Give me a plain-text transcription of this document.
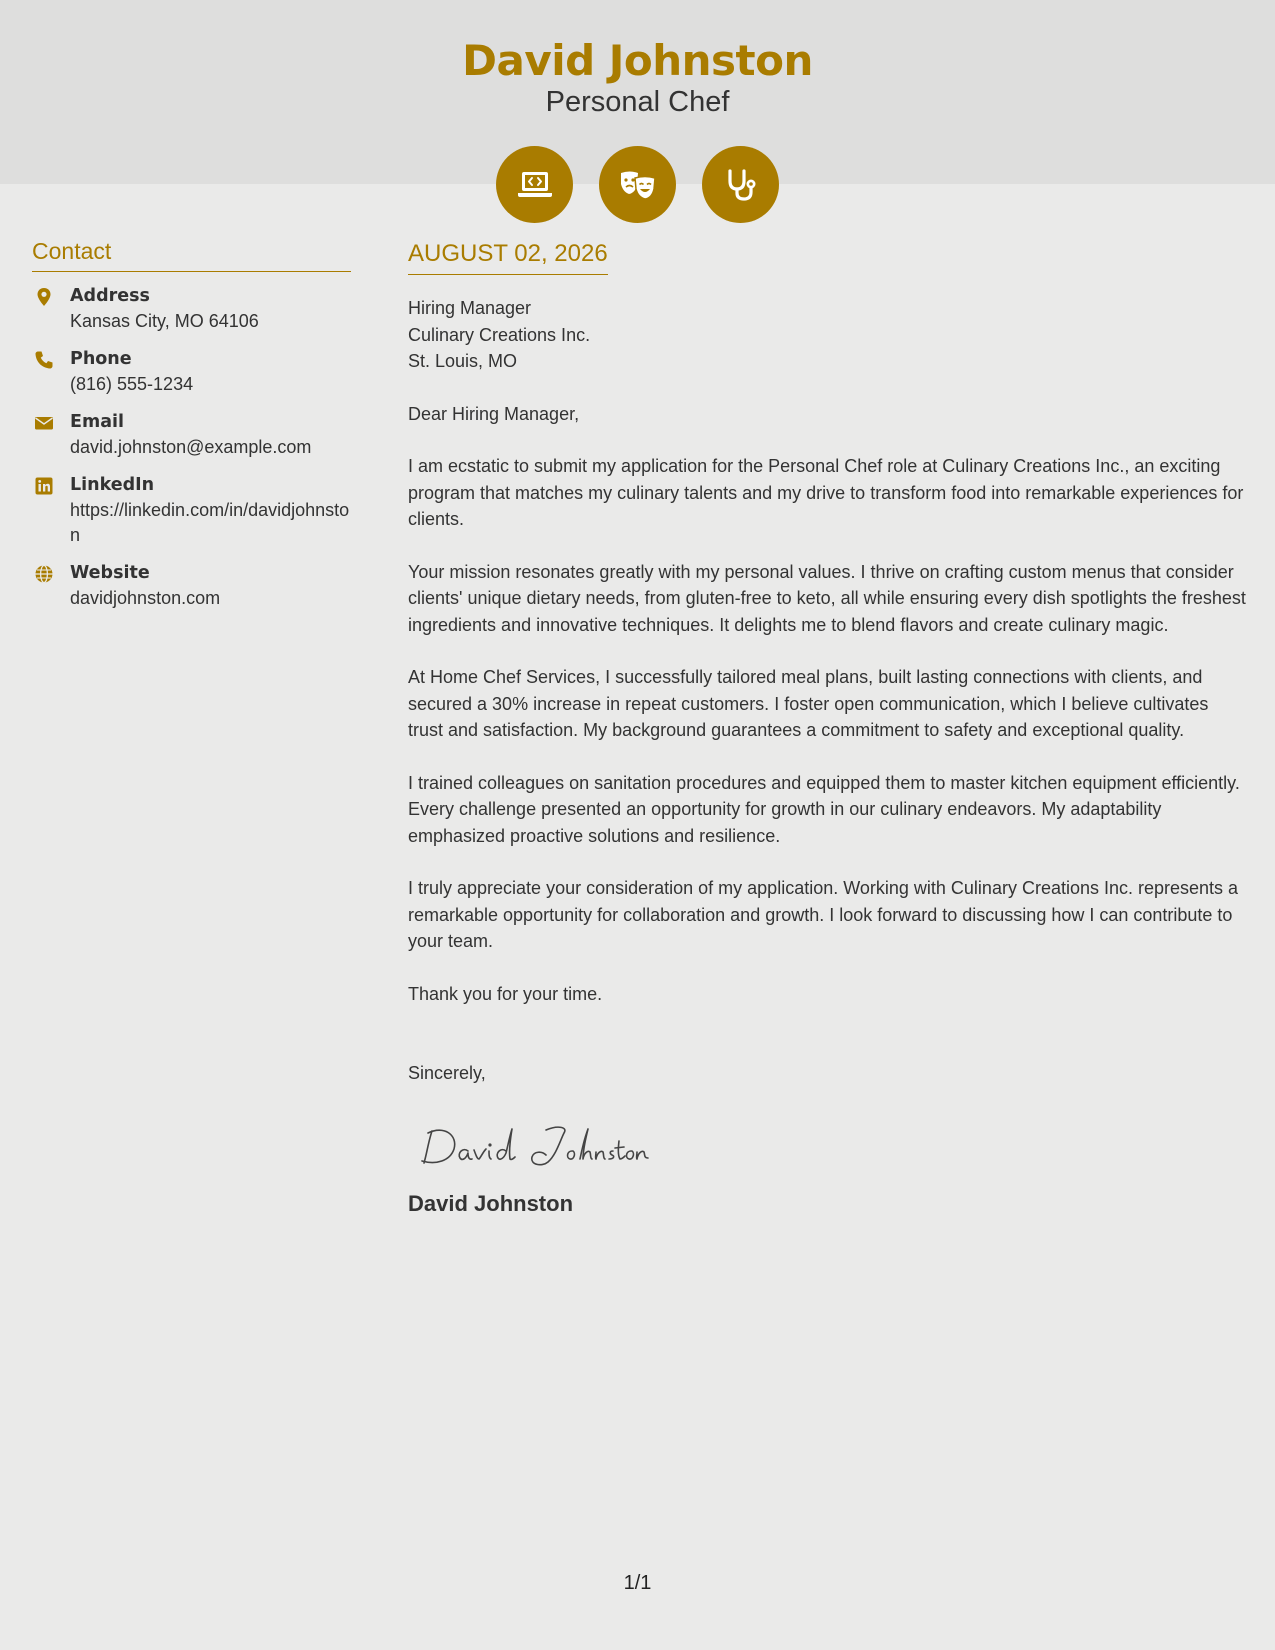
David Johnston
Personal Chef
Contact
Address
Kansas City, MO 64106
Phone
(816) 555-1234
Email
david.johnston@example.com
LinkedIn
https://linkedin.com/in/davidjohnston
Website
davidjohnston.com
AUGUST 02, 2026
Hiring Manager
Culinary Creations Inc.
St. Louis, MO
Dear Hiring Manager,
I am ecstatic to submit my application for the Personal Chef role at Culinary Creations Inc., an exciting program that matches my culinary talents and my drive to transform food into remarkable experiences for clients.
Your mission resonates greatly with my personal values. I thrive on crafting custom menus that consider clients' unique dietary needs, from gluten-free to keto, all while ensuring every dish spotlights the freshest ingredients and innovative techniques. It delights me to blend flavors and create culinary magic.
At Home Chef Services, I successfully tailored meal plans, built lasting connections with clients, and secured a 30% increase in repeat customers. I foster open communication, which I believe cultivates trust and satisfaction. My background guarantees a commitment to safety and exceptional quality.
I trained colleagues on sanitation procedures and equipped them to master kitchen equipment efficiently. Every challenge presented an opportunity for growth in our culinary endeavors. My adaptability emphasized proactive solutions and resilience.
I truly appreciate your consideration of my application. Working with Culinary Creations Inc. represents a remarkable opportunity for collaboration and growth. I look forward to discussing how I can contribute to your team.
Thank you for your time.
Sincerely,
David Johnston
1/1
